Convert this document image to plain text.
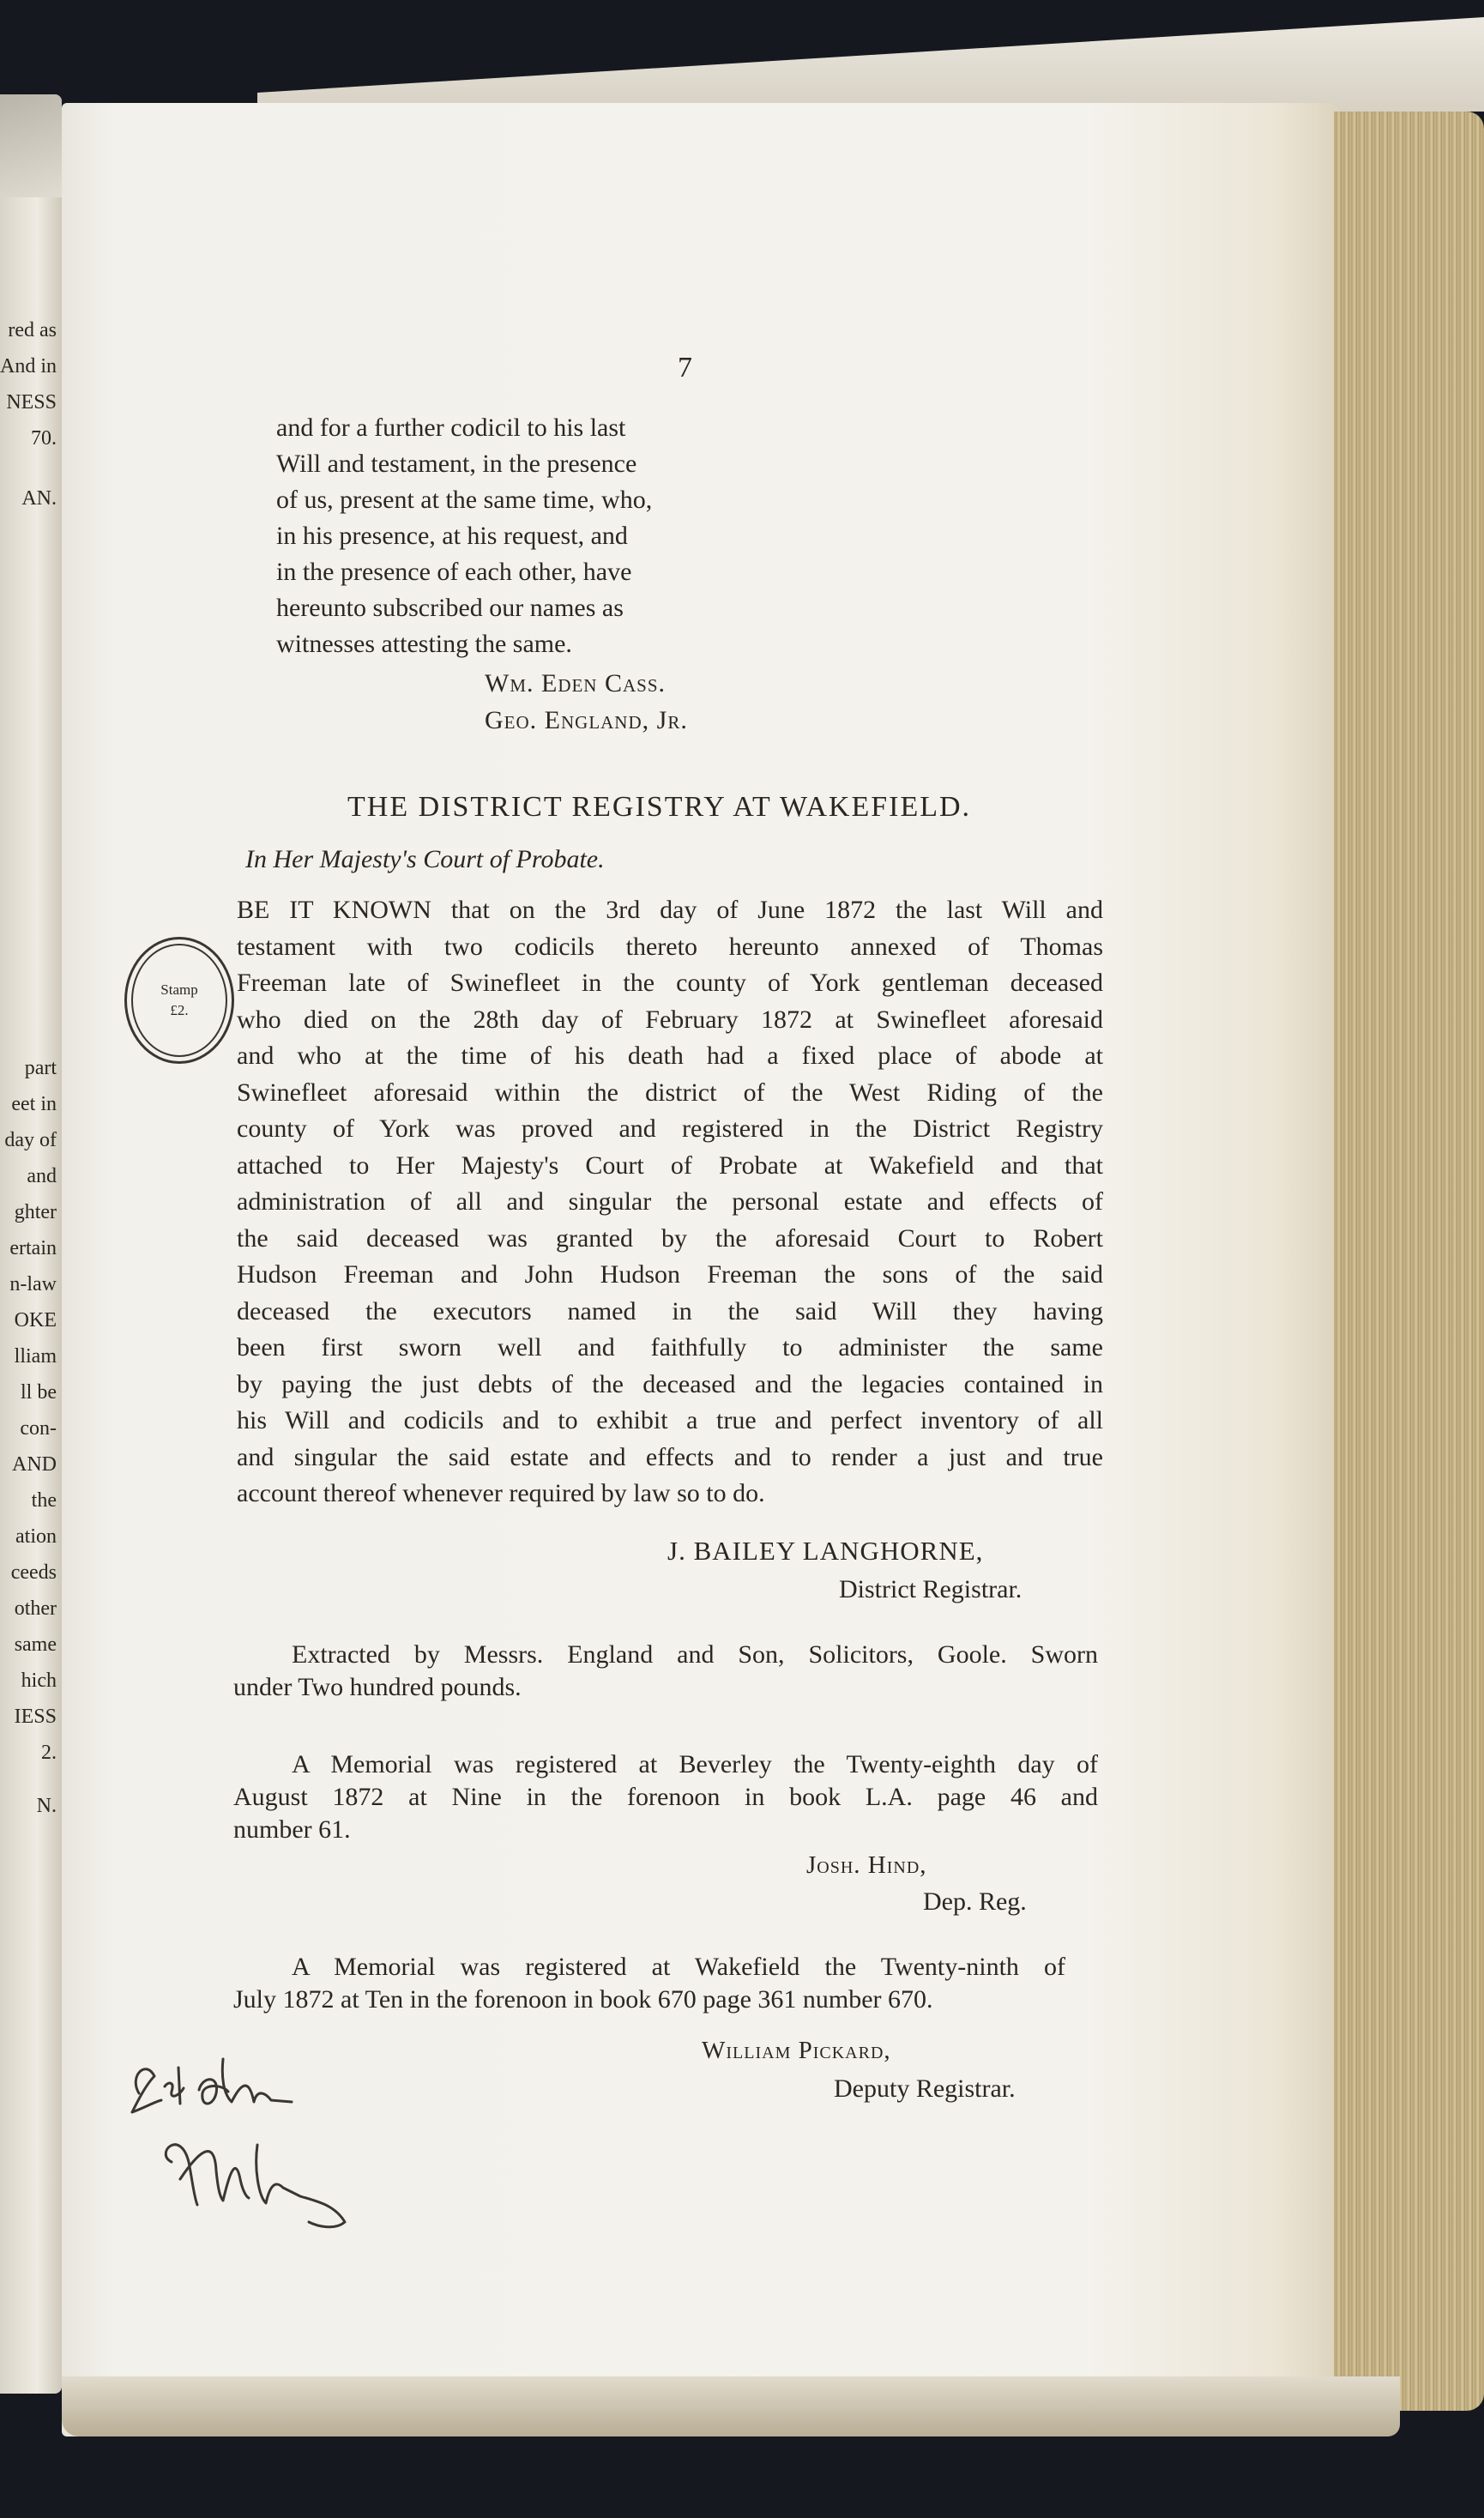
red as
And in
NESS
70.
AN.
part
eet in
day of
and
ghter
ertain
n-law
OKE
lliam
ll be
con-
AND
the
ation
ceeds
other
same
hich
IESS
2.
N.
7
and for a further codicil to his last
Will and testament, in the presence
of us, present at the same time, who,
in his presence, at his request, and
in the presence of each other, have
hereunto subscribed our names as
witnesses attesting the same.
Wm. Eden Cass.
Geo. England, Jr.
THE DISTRICT REGISTRY AT WAKEFIELD.
In Her Majesty's Court of Probate.
Stamp
£2.
BE IT KNOWN that on the 3rd day of June 1872 the last Will and
testament with two codicils thereto hereunto annexed of Thomas
Freeman late of Swinefleet in the county of York gentleman deceased
who died on the 28th day of February 1872 at Swinefleet aforesaid
and who at the time of his death had a fixed place of abode at
Swinefleet aforesaid within the district of the West Riding of the
county of York was proved and registered in the District Registry
attached to Her Majesty's Court of Probate at Wakefield and that
administration of all and singular the personal estate and effects of
the said deceased was granted by the aforesaid Court to Robert
Hudson Freeman and John Hudson Freeman the sons of the said
deceased the executors named in the said Will they having
been first sworn well and faithfully to administer the same
by paying the just debts of the deceased and the legacies contained in
his Will and codicils and to exhibit a true and perfect inventory of all
and singular the said estate and effects and to render a just and true
account thereof whenever required by law so to do.
J. BAILEY LANGHORNE,
District Registrar.
Extracted by Messrs. England and Son, Solicitors, Goole. Sworn
under Two hundred pounds.
A Memorial was registered at Beverley the Twenty-eighth day of
August 1872 at Nine in the forenoon in book L.A. page 46 and
number 61.
Josh. Hind,
Dep. Reg.
A Memorial was registered at Wakefield the Twenty-ninth of
July 1872 at Ten in the forenoon in book 670 page 361 number 670.
William Pickard,
Deputy Registrar.
